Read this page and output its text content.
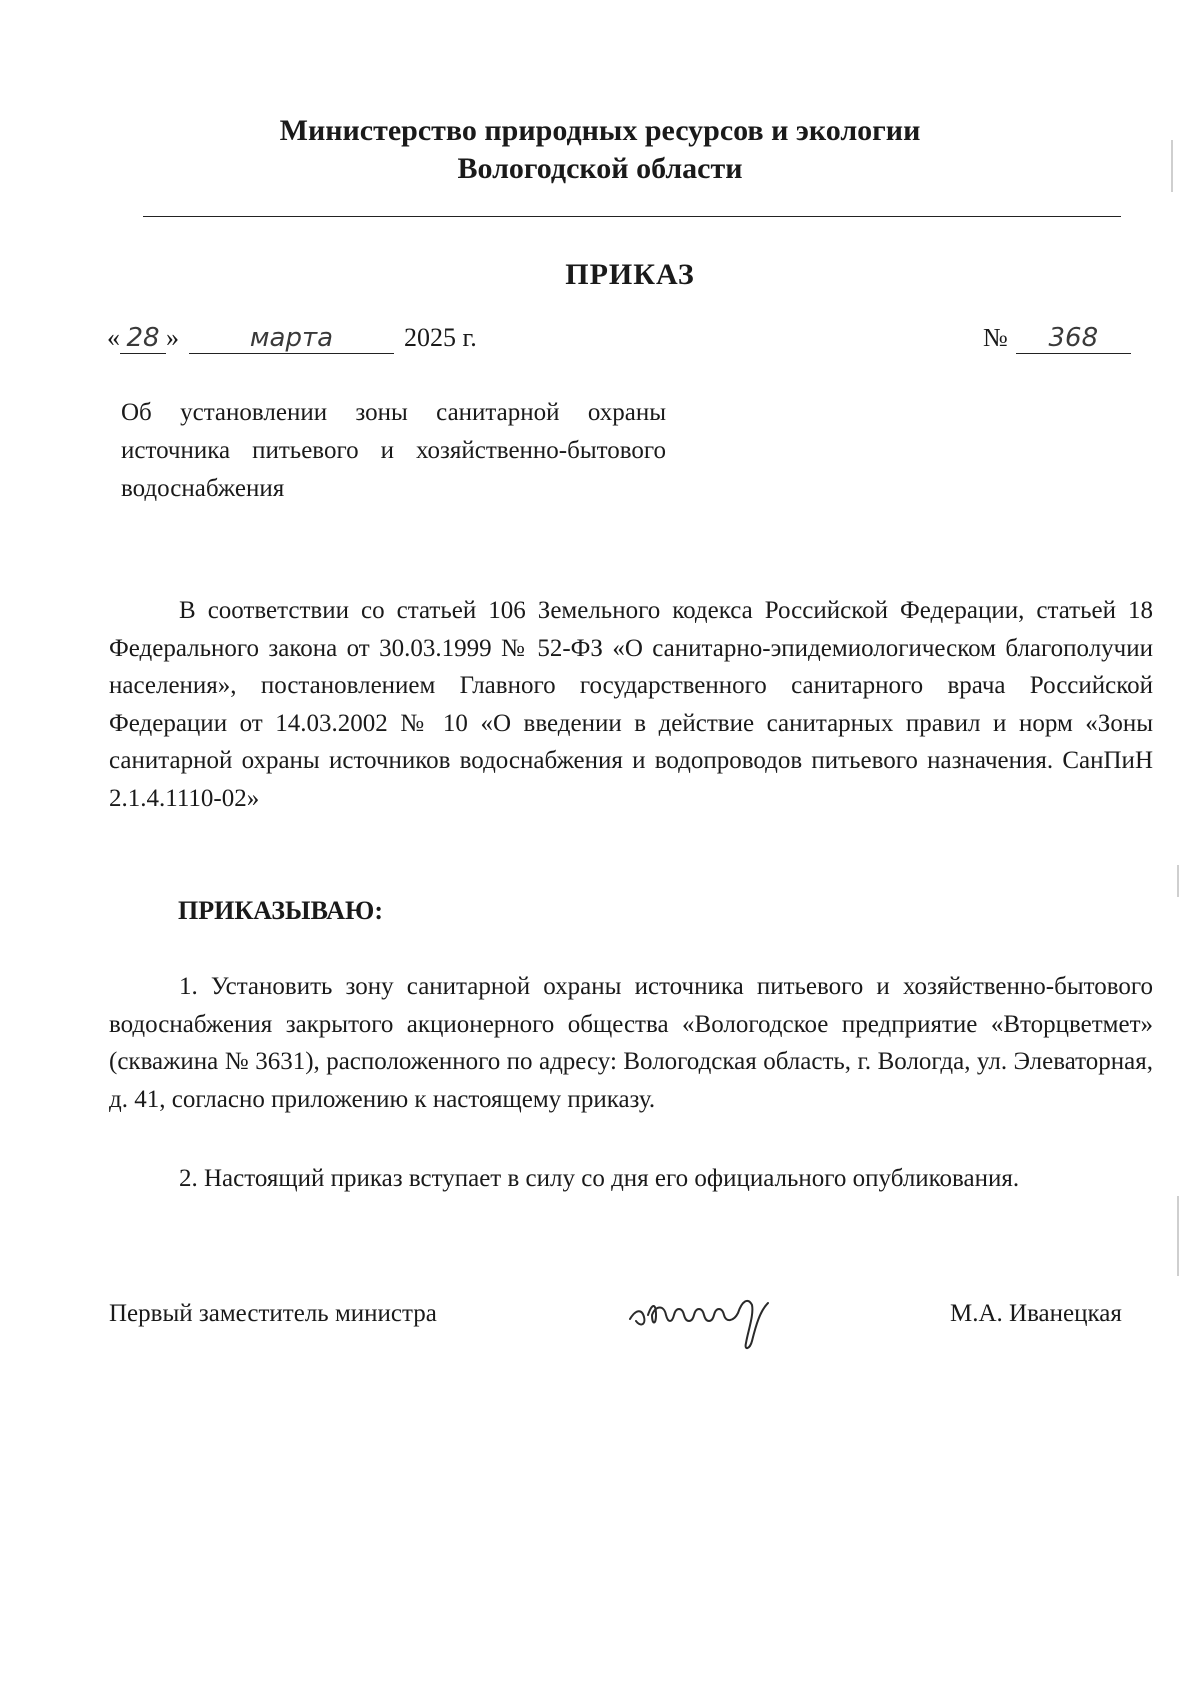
Министерство природных ресурсов и экологии
Вологодской области
ПРИКАЗ
« 28 »	марта	2025 г.	№ 368
Об установлении зоны санитарной охраны источника питьевого и хозяйственно-бытового водоснабжения
В соответствии со статьей 106 Земельного кодекса Российской Федерации, статьей 18 Федерального закона от 30.03.1999 № 52-ФЗ «О санитарно-эпидемиологическом благополучии населения», постановлением Главного государственного санитарного врача Российской Федерации от 14.03.2002 № 10 «О введении в действие санитарных правил и норм «Зоны санитарной охраны источников водоснабжения и водопроводов питьевого назначения. СанПиН 2.1.4.1110-02»
ПРИКАЗЫВАЮ:
1. Установить зону санитарной охраны источника питьевого и хозяйственно-бытового водоснабжения закрытого акционерного общества «Вологодское предприятие «Вторцветмет» (скважина № 3631), расположенного по адресу: Вологодская область, г. Вологда, ул. Элеваторная, д. 41, согласно приложению к настоящему приказу.
2. Настоящий приказ вступает в силу со дня его официального опубликования.
Первый заместитель министра	М.А. Иванецкая
